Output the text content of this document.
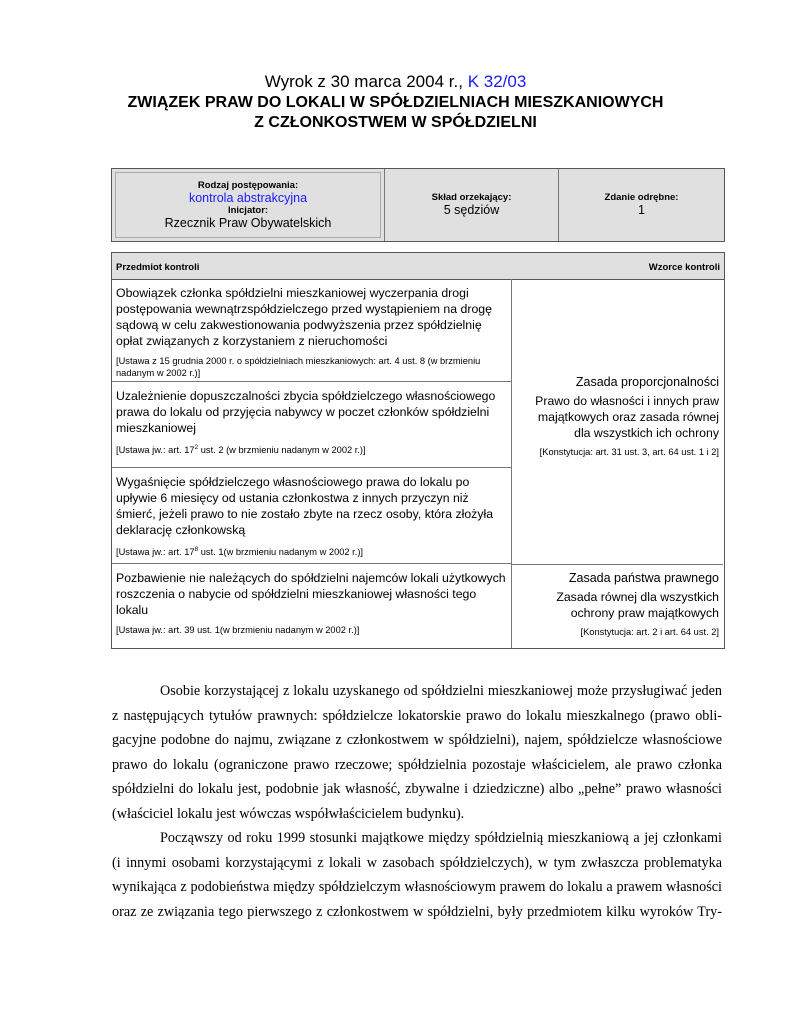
Wyrok z 30 marca 2004 r., K 32/03
ZWIĄZEK PRAW DO LOKALI W SPÓŁDZIELNIACH MIESZKANIOWYCH
Z CZŁONKOSTWEM W SPÓŁDZIELNI
Rodzaj postępowania:
kontrola abstrakcyjna
Inicjator:
Rzecznik Praw Obywatelskich
Skład orzekający:
5 sędziów
Zdanie odrębne:
1
Przedmiot kontroli	Wzorce kontroli
Obowiązek członka spółdzielni mieszkaniowej wyczerpania drogi postępowania wewnątrzspółdzielczego przed wystąpieniem na drogę sądową w celu zakwestionowania podwyższenia przez spółdzielnię opłat związanych z korzystaniem z nieruchomości
[Ustawa z 15 grudnia 2000 r. o spółdzielniach mieszkaniowych: art. 4 ust. 8 (w brzmieniu nadanym w 2002 r.)]
Uzależnienie dopuszczalności zbycia spółdzielczego własnościowego prawa do lokalu od przyjęcia nabywcy w poczet członków spółdzielni mieszkaniowej
[Ustawa jw.: art. $17^2$ ust. 2 (w brzmieniu nadanym w 2002 r.)]
Wygaśnięcie spółdzielczego własnościowego prawa do lokalu po upływie 6 miesięcy od ustania członkostwa z innych przyczyn niż śmierć, jeżeli prawo to nie zostało zbyte na rzecz osoby, która złożyła deklarację członkowską
[Ustawa jw.: art. $17^8$ ust. 1(w brzmieniu nadanym w 2002 r.)]
Pozbawienie nie należących do spółdzielni najemców lokali użytkowych roszczenia o nabycie od spółdzielni mieszkaniowej własności tego lokalu
[Ustawa jw.: art. 39 ust. 1(w brzmieniu nadanym w 2002 r.)]
Zasada proporcjonalności
Prawo do własności i innych praw majątkowych oraz zasada równej dla wszystkich ich ochrony
[Konstytucja: art. 31 ust. 3, art. 64 ust. 1 i 2]
Zasada państwa prawnego
Zasada równej dla wszystkich ochrony praw majątkowych
[Konstytucja: art. 2 i art. 64 ust. 2]
Osobie korzystającej z lokalu uzyskanego od spółdzielni mieszkaniowej może przysługiwać jeden
z następujących tytułów prawnych: spółdzielcze lokatorskie prawo do lokalu mieszkalnego (prawo obli-
gacyjne podobne do najmu, związane z członkostwem w spółdzielni), najem, spółdzielcze własnościowe
prawo do lokalu (ograniczone prawo rzeczowe; spółdzielnia pozostaje właścicielem, ale prawo członka
spółdzielni do lokalu jest, podobnie jak własność, zbywalne i dziedziczne) albo „pełne” prawo własności
(właściciel lokalu jest wówczas współwłaścicielem budynku).
Począwszy od roku 1999 stosunki majątkowe między spółdzielnią mieszkaniową a jej członkami
(i innymi osobami korzystającymi z lokali w zasobach spółdzielczych), w tym zwłaszcza problematyka
wynikająca z podobieństwa między spółdzielczym własnościowym prawem do lokalu a prawem własności
oraz ze związania tego pierwszego z członkostwem w spółdzielni, były przedmiotem kilku wyroków Try-
